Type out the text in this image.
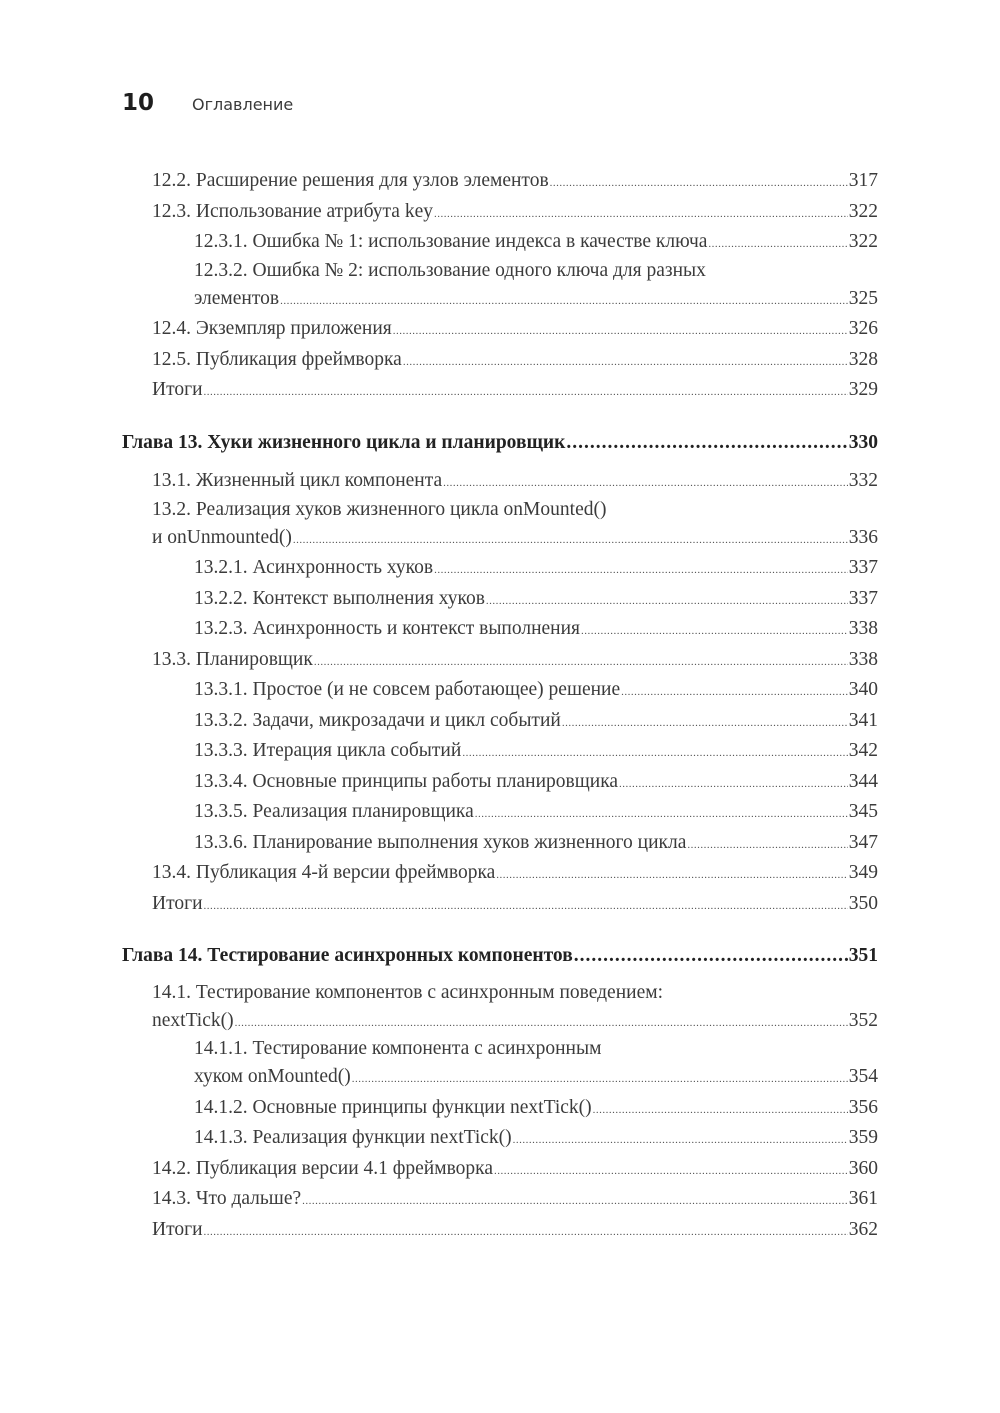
10	Оглавление
12.2. Расширение решения для узлов элементов .....	317
12.3. Использование атрибута key .....	322
12.3.1. Ошибка № 1: использование индекса в качестве ключа .....	322
12.3.2. Ошибка № 2: использование одного ключа для разных
элементов .....	325
12.4. Экземпляр приложения .....	326
12.5. Публикация фреймворка .....	328
Итоги .....	329
Глава 13. Хуки жизненного цикла и планировщик .....	330
13.1. Жизненный цикл компонента .....	332
13.2. Реализация хуков жизненного цикла onMounted()
и onUnmounted() .....	336
13.2.1. Асинхронность хуков .....	337
13.2.2. Контекст выполнения хуков .....	337
13.2.3. Асинхронность и контекст выполнения .....	338
13.3. Планировщик .....	338
13.3.1. Простое (и не совсем работающее) решение .....	340
13.3.2. Задачи, микрозадачи и цикл событий .....	341
13.3.3. Итерация цикла событий .....	342
13.3.4. Основные принципы работы планировщика .....	344
13.3.5. Реализация планировщика .....	345
13.3.6. Планирование выполнения хуков жизненного цикла .....	347
13.4. Публикация 4-й версии фреймворка .....	349
Итоги .....	350
Глава 14. Тестирование асинхронных компонентов .....	351
14.1. Тестирование компонентов с асинхронным поведением:
nextTick() .....	352
14.1.1. Тестирование компонента с асинхронным
хуком onMounted() .....	354
14.1.2. Основные принципы функции nextTick() .....	356
14.1.3. Реализация функции nextTick() .....	359
14.2. Публикация версии 4.1 фреймворка .....	360
14.3. Что дальше? .....	361
Итоги .....	362
